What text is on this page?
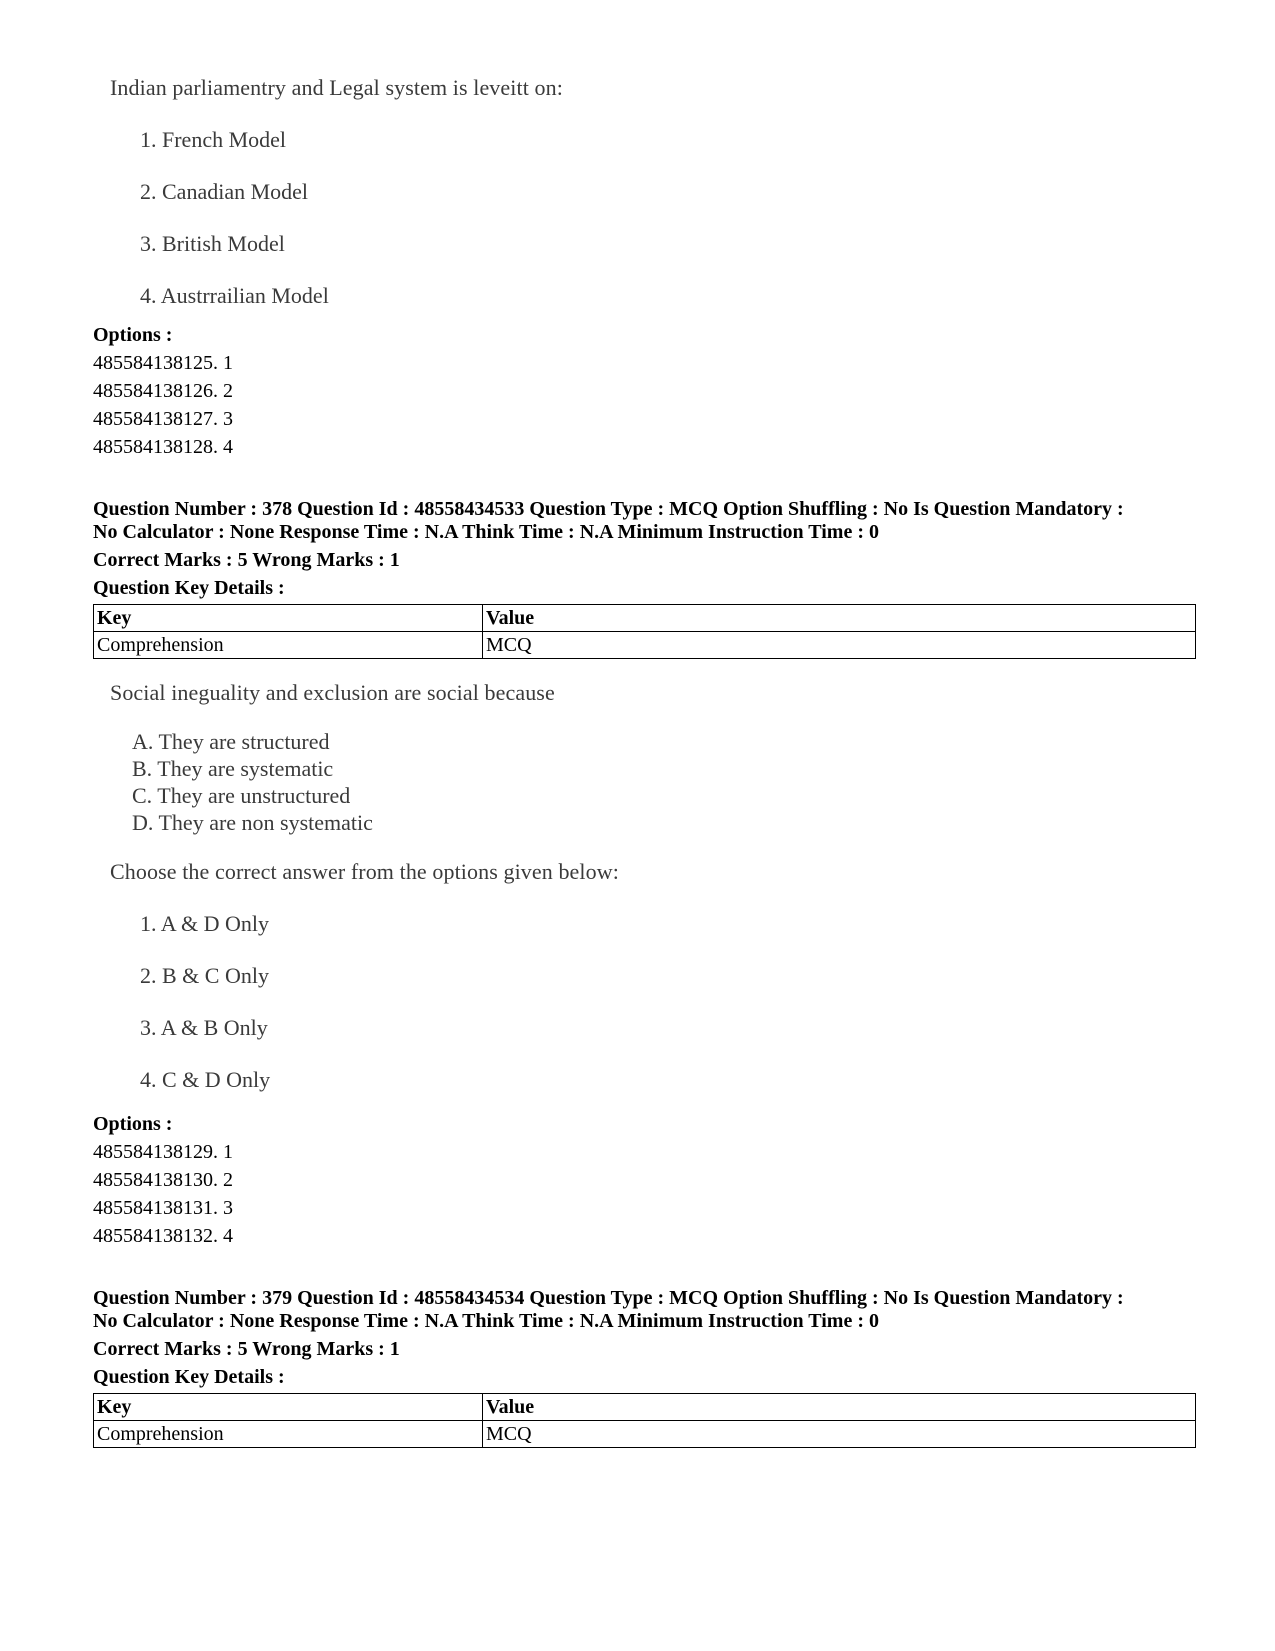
Indian parliamentry and Legal system is leveitt on:
1. French Model
2. Canadian Model
3. British Model
4. Austrrailian Model
Options :
485584138125. 1
485584138126. 2
485584138127. 3
485584138128. 4
Question Number : 378 Question Id : 48558434533 Question Type : MCQ Option Shuffling : No Is Question Mandatory :
No Calculator : None Response Time : N.A Think Time : N.A Minimum Instruction Time : 0
Correct Marks : 5 Wrong Marks : 1
Question Key Details :
Key	Value
Comprehension	MCQ
Social ineguality and exclusion are social because
A. They are structured
B. They are systematic
C. They are unstructured
D. They are non systematic
Choose the correct answer from the options given below:
1. A & D Only
2. B & C Only
3. A & B Only
4. C & D Only
Options :
485584138129. 1
485584138130. 2
485584138131. 3
485584138132. 4
Question Number : 379 Question Id : 48558434534 Question Type : MCQ Option Shuffling : No Is Question Mandatory :
No Calculator : None Response Time : N.A Think Time : N.A Minimum Instruction Time : 0
Correct Marks : 5 Wrong Marks : 1
Question Key Details :
Key	Value
Comprehension	MCQ
